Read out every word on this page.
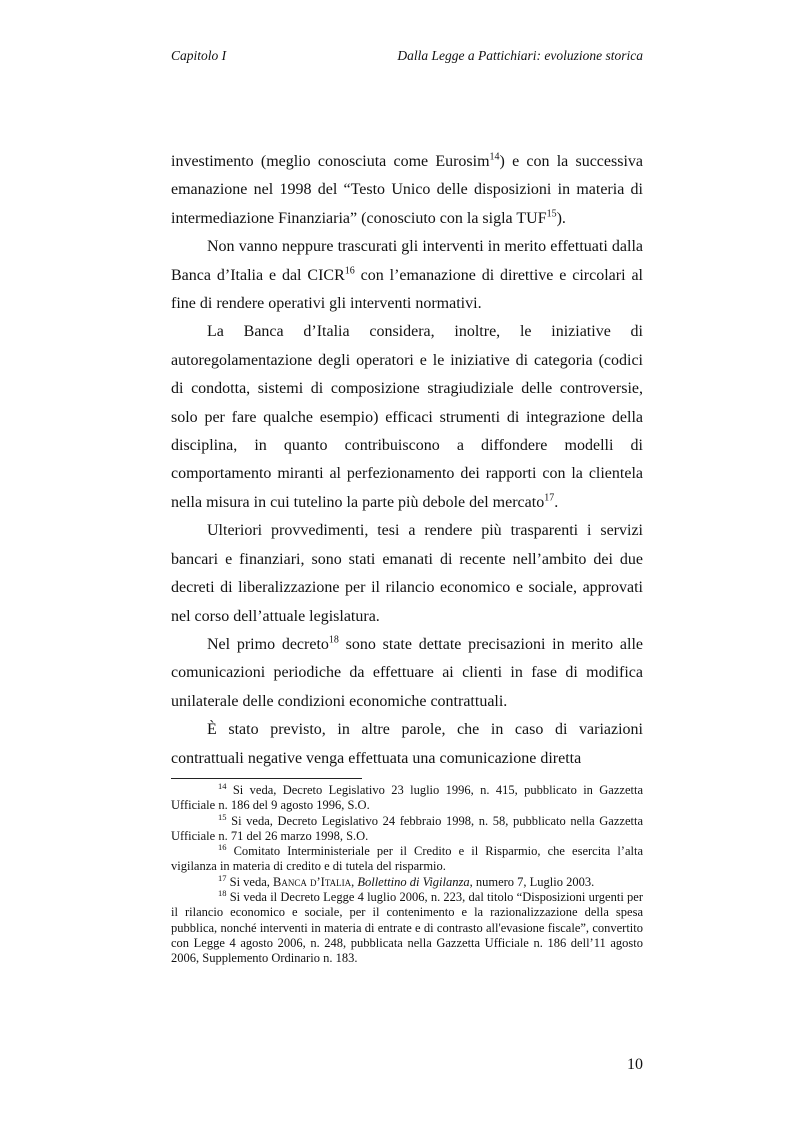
Capitolo I	Dalla Legge a Pattichiari: evoluzione storica

investimento (meglio conosciuta come Eurosim$^{14}$) e con la successiva emanazione nel 1998 del “Testo Unico delle disposizioni in materia di intermediazione Finanziaria” (conosciuto con la sigla TUF$^{15}$).

Non vanno neppure trascurati gli interventi in merito effettuati dalla Banca d’Italia e dal CICR$^{16}$ con l’emanazione di direttive e circolari al fine di rendere operativi gli interventi normativi.

La Banca d’Italia considera, inoltre, le iniziative di autoregolamentazione degli operatori e le iniziative di categoria (codici di condotta, sistemi di composizione stragiudiziale delle controversie, solo per fare qualche esempio) efficaci strumenti di integrazione della disciplina, in quanto contribuiscono a diffondere modelli di comportamento miranti al perfezionamento dei rapporti con la clientela nella misura in cui tutelino la parte più debole del mercato$^{17}$.

Ulteriori provvedimenti, tesi a rendere più trasparenti i servizi bancari e finanziari, sono stati emanati di recente nell’ambito dei due decreti di liberalizzazione per il rilancio economico e sociale, approvati nel corso dell’attuale legislatura.

Nel primo decreto$^{18}$ sono state dettate precisazioni in merito alle comunicazioni periodiche da effettuare ai clienti in fase di modifica unilaterale delle condizioni economiche contrattuali.

È stato previsto, in altre parole, che in caso di variazioni contrattuali negative venga effettuata una comunicazione diretta

$^{14}$ Si veda, Decreto Legislativo 23 luglio 1996, n. 415, pubblicato in Gazzetta Ufficiale n. 186 del 9 agosto 1996, S.O.

$^{15}$ Si veda, Decreto Legislativo 24 febbraio 1998, n. 58, pubblicato nella Gazzetta Ufficiale n. 71 del 26 marzo 1998, S.O.

$^{16}$ Comitato Interministeriale per il Credito e il Risparmio, che esercita l’alta vigilanza in materia di credito e di tutela del risparmio.

$^{17}$ Si veda, Banca d’Italia, Bollettino di Vigilanza, numero 7, Luglio 2003.

$^{18}$ Si veda il Decreto Legge 4 luglio 2006, n. 223, dal titolo “Disposizioni urgenti per il rilancio economico e sociale, per il contenimento e la razionalizzazione della spesa pubblica, nonché interventi in materia di entrate e di contrasto all'evasione fiscale”, convertito con Legge 4 agosto 2006, n. 248, pubblicata nella Gazzetta Ufficiale n. 186 dell’11 agosto 2006, Supplemento Ordinario n. 183.

10
